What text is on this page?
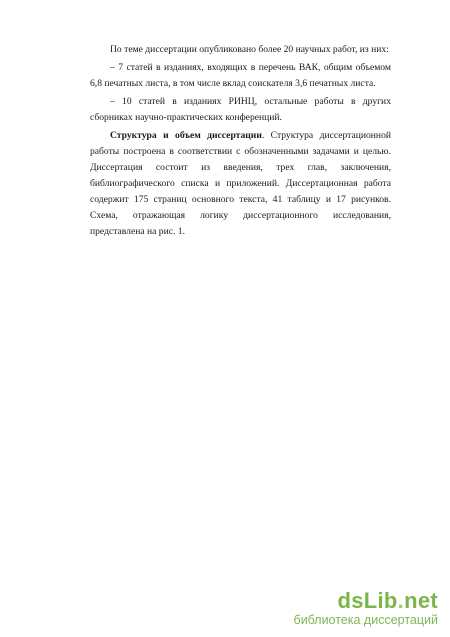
По теме диссертации опубликовано более 20 научных работ, из них:

– 7 статей в изданиях, входящих в перечень ВАК, общим объемом 6,8 печатных листа, в том числе вклад соискателя 3,6 печатных листа.

– 10 статей в изданиях РИНЦ, остальные работы в других сборниках научно-практических конференций.

Структура и объем диссертации. Структура диссертационной работы построена в соответствии с обозначенными задачами и целью. Диссертация состоит из введения, трех глав, заключения, библиографического списка и приложений. Диссертационная работа содержит 175 страниц основного текста, 41 таблицу и 17 рисунков. Схема, отражающая логику диссертационного исследования, представлена на рис. 1.

dsLib.net
библиотека диссертаций
